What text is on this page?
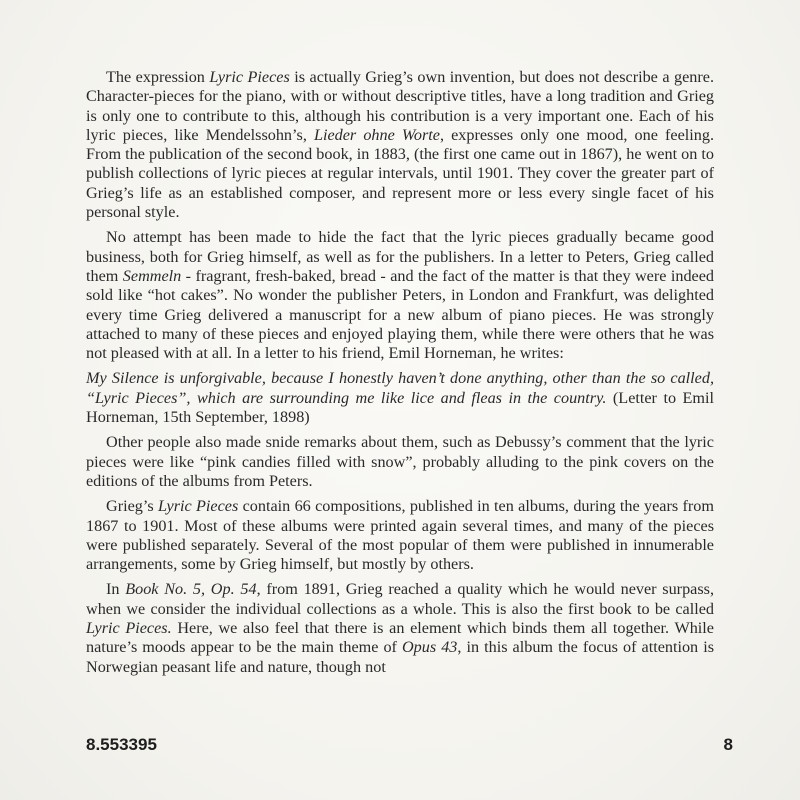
The expression Lyric Pieces is actually Grieg’s own invention, but does not describe a genre. Character-pieces for the piano, with or without descriptive titles, have a long tradition and Grieg is only one to contribute to this, although his contribution is a very important one. Each of his lyric pieces, like Mendelssohn’s, Lieder ohne Worte, expresses only one mood, one feeling. From the publication of the second book, in 1883, (the first one came out in 1867), he went on to publish collections of lyric pieces at regular intervals, until 1901. They cover the greater part of Grieg’s life as an established composer, and represent more or less every single facet of his personal style.

No attempt has been made to hide the fact that the lyric pieces gradually became good business, both for Grieg himself, as well as for the publishers. In a letter to Peters, Grieg called them Semmeln - fragrant, fresh-baked, bread - and the fact of the matter is that they were indeed sold like “hot cakes”. No wonder the publisher Peters, in London and Frankfurt, was delighted every time Grieg delivered a manuscript for a new album of piano pieces. He was strongly attached to many of these pieces and enjoyed playing them, while there were others that he was not pleased with at all. In a letter to his friend, Emil Horneman, he writes:

My Silence is unforgivable, because I honestly haven’t done anything, other than the so called, “Lyric Pieces”, which are surrounding me like lice and fleas in the country. (Letter to Emil Horneman, 15th September, 1898)

Other people also made snide remarks about them, such as Debussy’s comment that the lyric pieces were like “pink candies filled with snow”, probably alluding to the pink covers on the editions of the albums from Peters.

Grieg’s Lyric Pieces contain 66 compositions, published in ten albums, during the years from 1867 to 1901. Most of these albums were printed again several times, and many of the pieces were published separately. Several of the most popular of them were published in innumerable arrangements, some by Grieg himself, but mostly by others.

In Book No. 5, Op. 54, from 1891, Grieg reached a quality which he would never surpass, when we consider the individual collections as a whole. This is also the first book to be called Lyric Pieces. Here, we also feel that there is an element which binds them all together. While nature’s moods appear to be the main theme of Opus 43, in this album the focus of attention is Norwegian peasant life and nature, though not

8.553395	8
